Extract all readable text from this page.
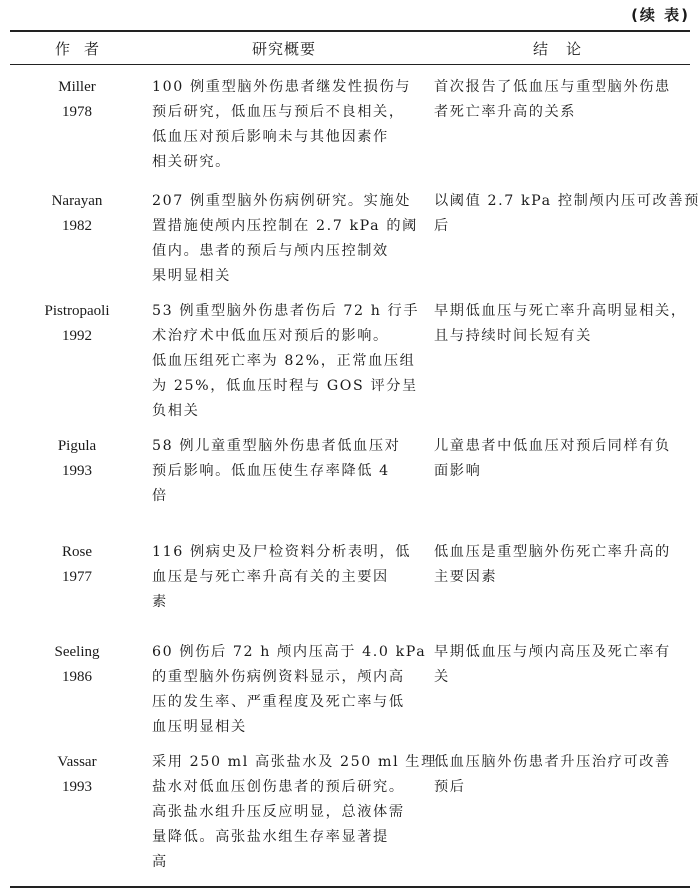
(续 表)
作者	研究概要	结论

Miller
1978	100 例重型脑外伤患者继发性损伤与
预后研究，低血压与预后不良相关，
低血压对预后影响未与其他因素作
相关研究。	首次报告了低血压与重型脑外伤患
者死亡率升高的关系

Narayan
1982	207 例重型脑外伤病例研究。实施处
置措施使颅内压控制在 2.7 kPa 的阈
值内。患者的预后与颅内压控制效
果明显相关	以阈值 2.7 kPa 控制颅内压可改善预
后

Pistropaoli
1992	53 例重型脑外伤患者伤后 72 h 行手
术治疗术中低血压对预后的影响。
低血压组死亡率为 82%，正常血压组
为 25%，低血压时程与 GOS 评分呈
负相关	早期低血压与死亡率升高明显相关，
且与持续时间长短有关

Pigula
1993	58 例儿童重型脑外伤患者低血压对
预后影响。低血压使生存率降低 4
倍	儿童患者中低血压对预后同样有负
面影响

Rose
1977	116 例病史及尸检资料分析表明，低
血压是与死亡率升高有关的主要因
素	低血压是重型脑外伤死亡率升高的
主要因素

Seeling
1986	60 例伤后 72 h 颅内压高于 4.0 kPa
的重型脑外伤病例资料显示，颅内高
压的发生率、严重程度及死亡率与低
血压明显相关	早期低血压与颅内高压及死亡率有
关

Vassar
1993	采用 250 ml 高张盐水及 250 ml 生理
盐水对低血压创伤患者的预后研究。
高张盐水组升压反应明显，总液体需
量降低。高张盐水组生存率显著提
高	低血压脑外伤患者升压治疗可改善
预后
